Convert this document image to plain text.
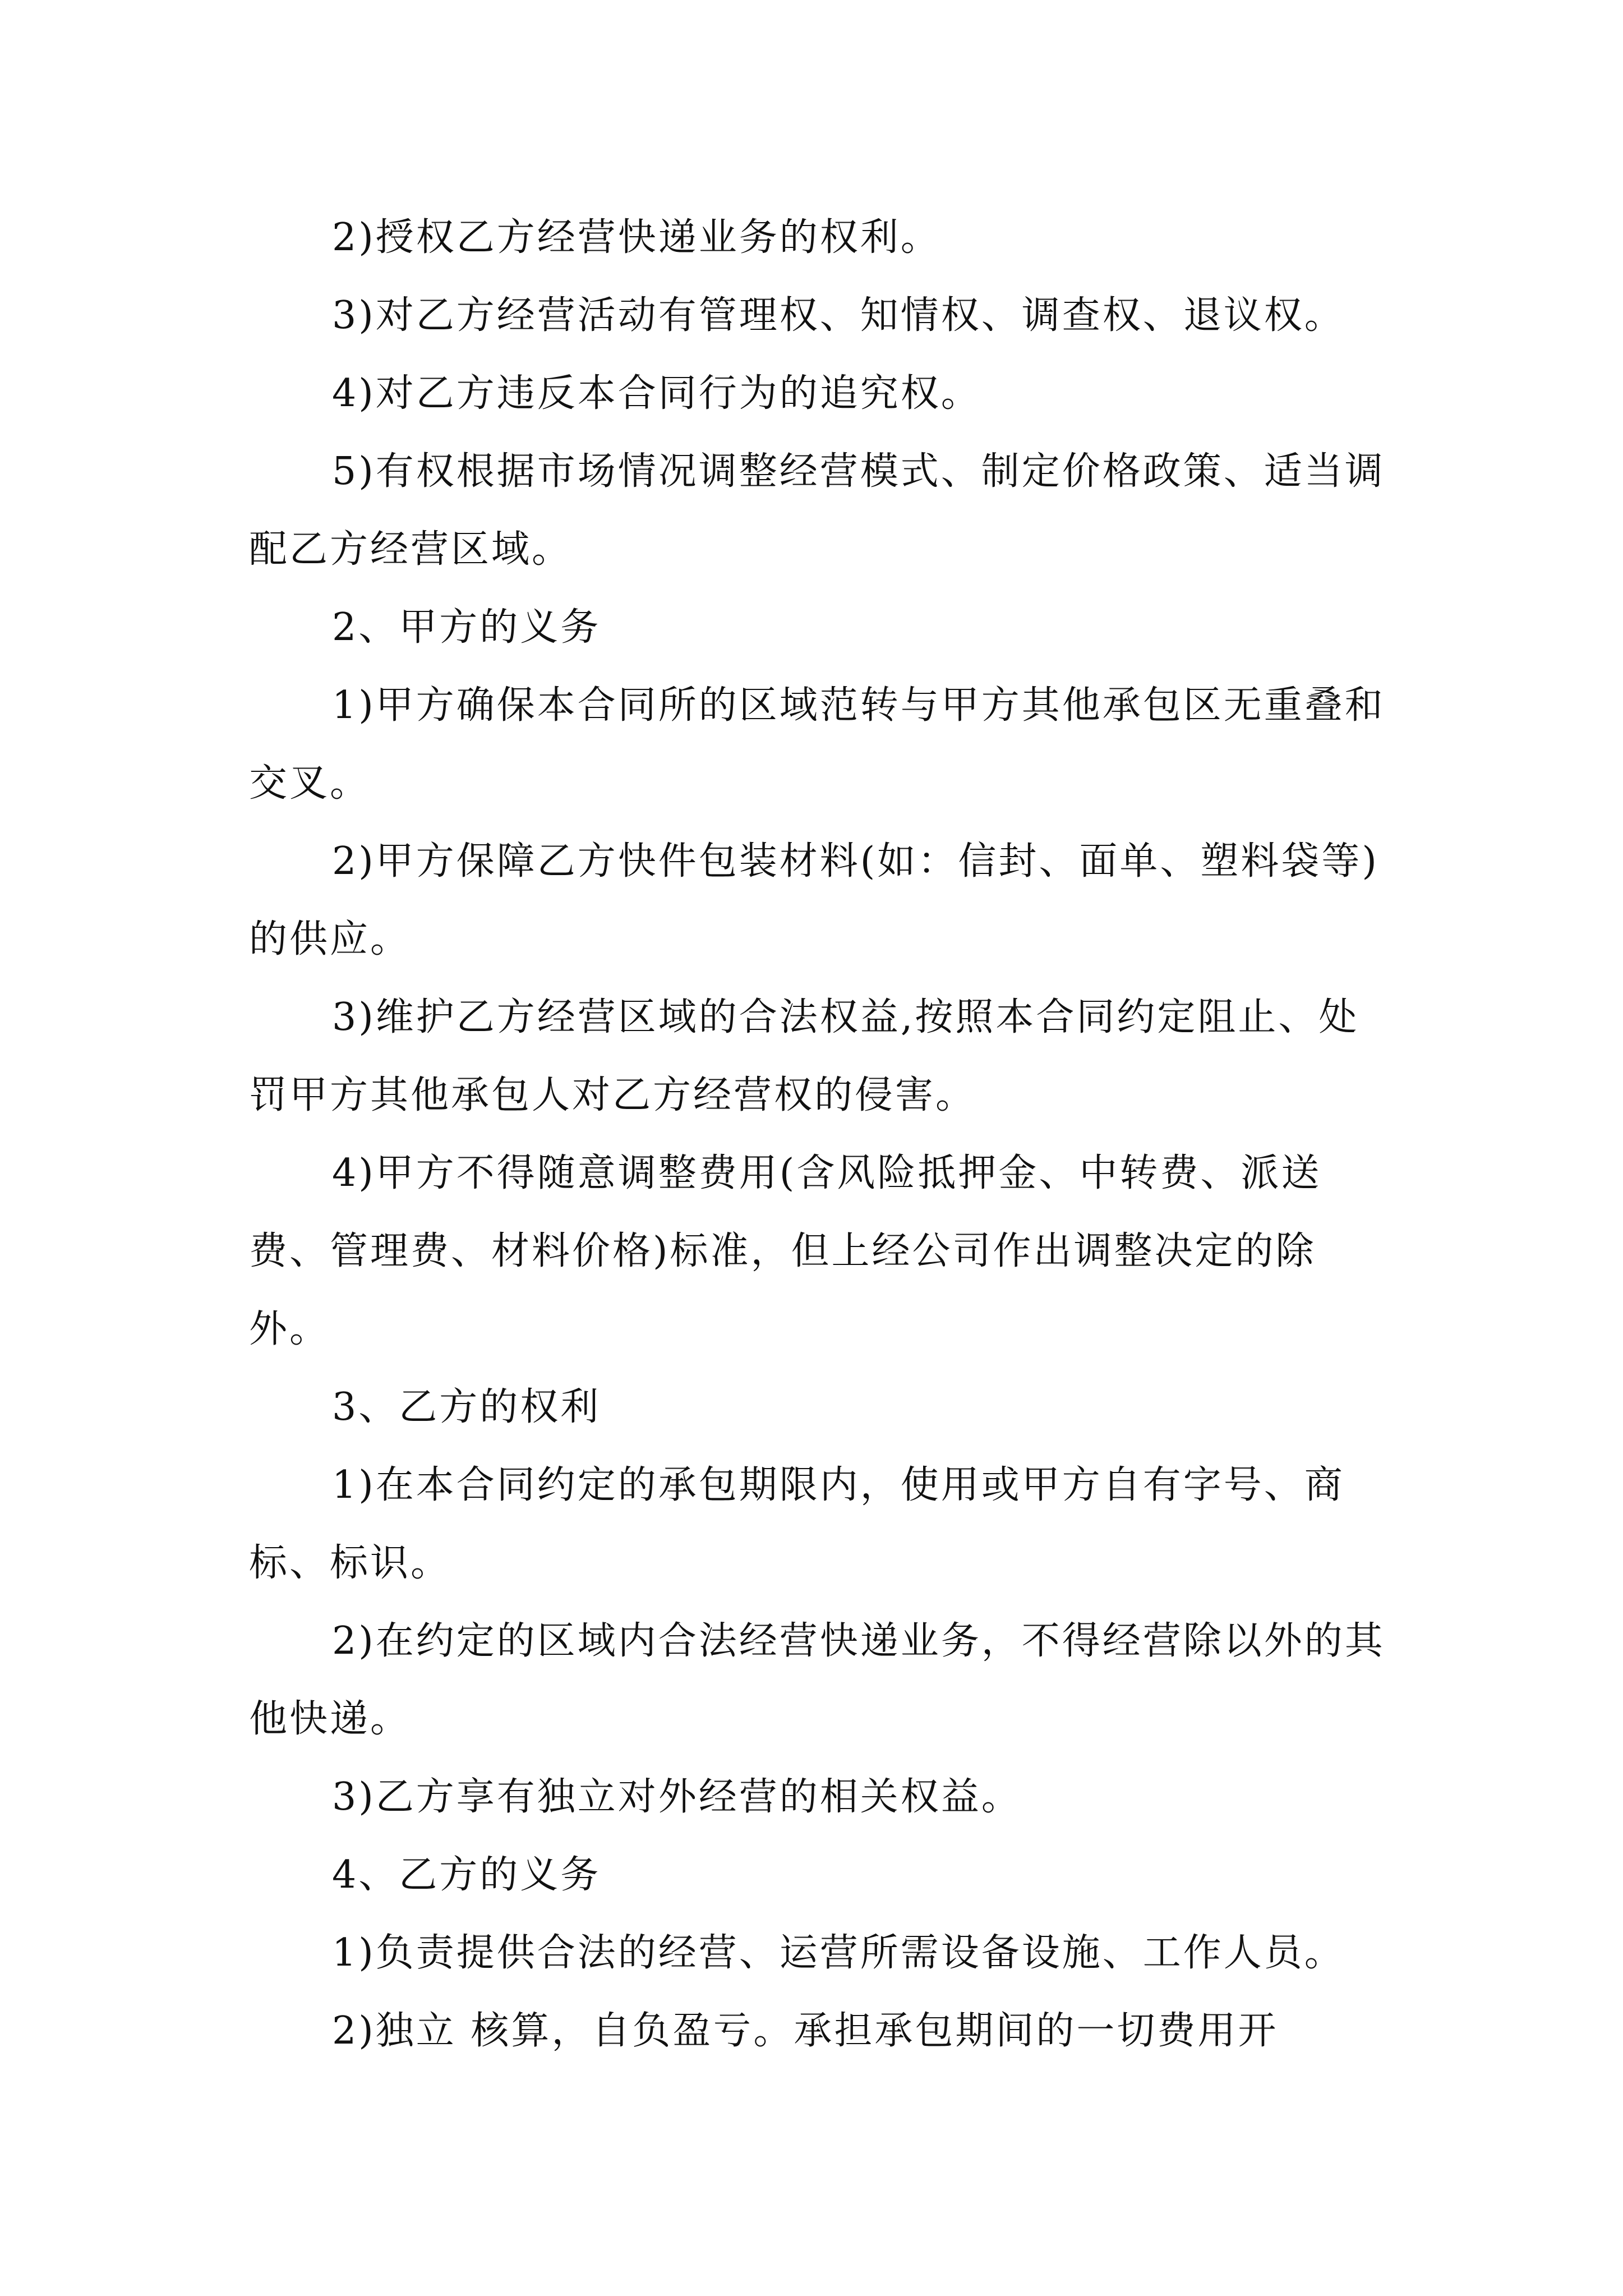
2)授权乙方经营快递业务的权利。

3)对乙方经营活动有管理权、知情权、调查权、退议权。

4)对乙方违反本合同行为的追究权。

5)有权根据市场情况调整经营模式、制定价格政策、适当调配乙方经营区域。

2、甲方的义务

1)甲方确保本合同所的区域范转与甲方其他承包区无重叠和交叉。

2)甲方保障乙方快件包装材料(如：信封、面单、塑料袋等)的供应。

3)维护乙方经营区域的合法权益,按照本合同约定阻止、处罚甲方其他承包人对乙方经营权的侵害。

4)甲方不得随意调整费用(含风险抵押金、中转费、派送费、管理费、材料价格)标准，但上经公司作出调整决定的除外。

3、乙方的权利

1)在本合同约定的承包期限内，使用或甲方自有字号、商标、标识。

2)在约定的区域内合法经营快递业务，不得经营除以外的其他快递。

3)乙方享有独立对外经营的相关权益。

4、乙方的义务

1)负责提供合法的经营、运营所需设备设施、工作人员。

2)独立 核算，自负盈亏。承担承包期间的一切费用开
